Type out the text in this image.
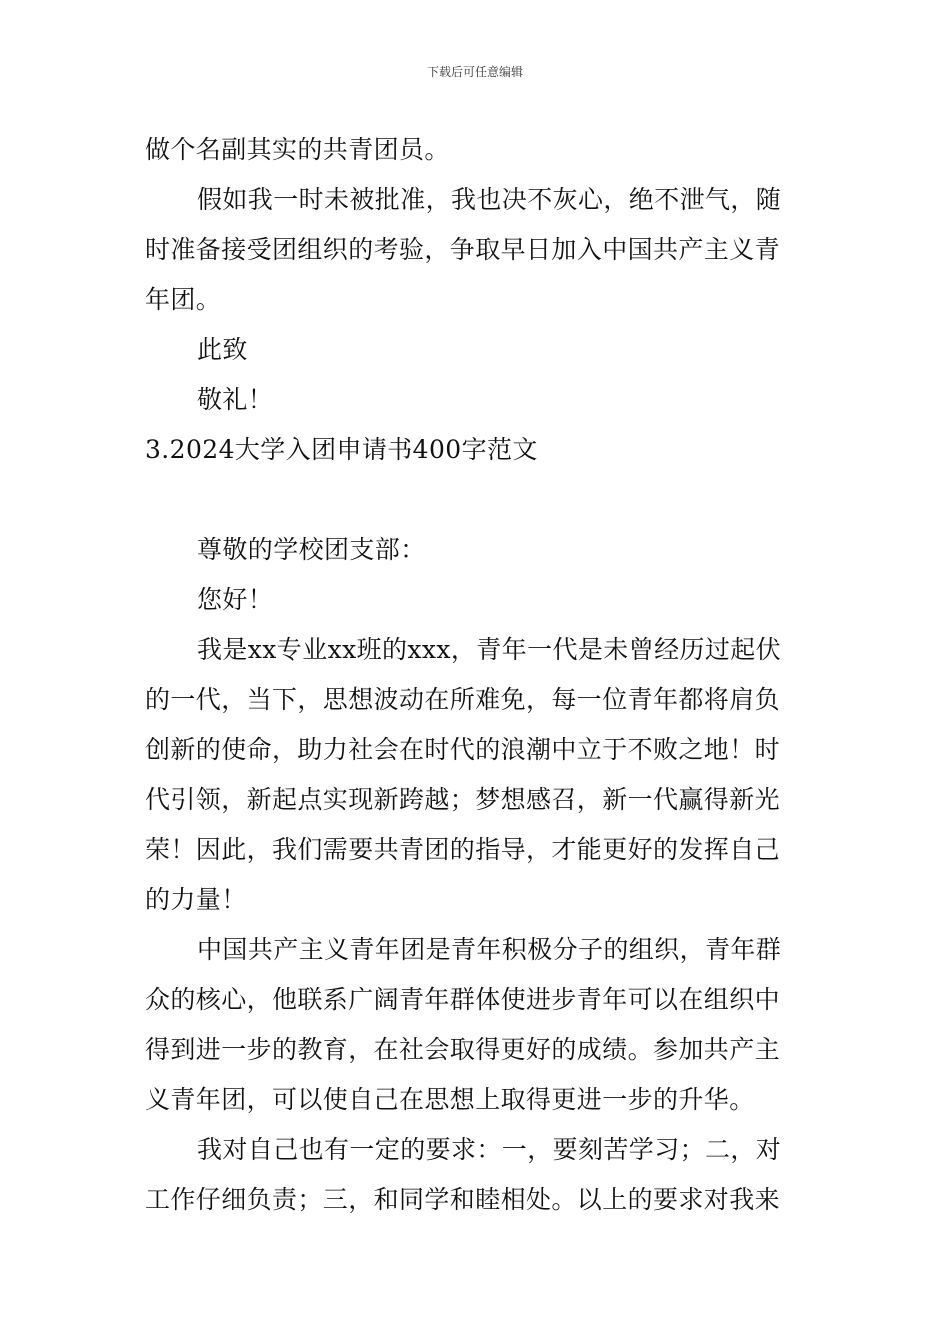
下载后可任意编辑
做个名副其实的共青团员。
假如我一时未被批准，我也决不灰心，绝不泄气，随
时准备接受团组织的考验，争取早日加入中国共产主义青
年团。
此致
敬礼！
3.2024大学入团申请书400字范文
尊敬的学校团支部：
您好！
我是xx专业xx班的xxx，青年一代是未曾经历过起伏
的一代，当下，思想波动在所难免，每一位青年都将肩负
创新的使命，助力社会在时代的浪潮中立于不败之地！时
代引领，新起点实现新跨越；梦想感召，新一代赢得新光
荣！因此，我们需要共青团的指导，才能更好的发挥自己
的力量！
中国共产主义青年团是青年积极分子的组织，青年群
众的核心，他联系广阔青年群体使进步青年可以在组织中
得到进一步的教育，在社会取得更好的成绩。参加共产主
义青年团，可以使自己在思想上取得更进一步的升华。
我对自己也有一定的要求：一，要刻苦学习；二，对
工作仔细负责；三，和同学和睦相处。以上的要求对我来
